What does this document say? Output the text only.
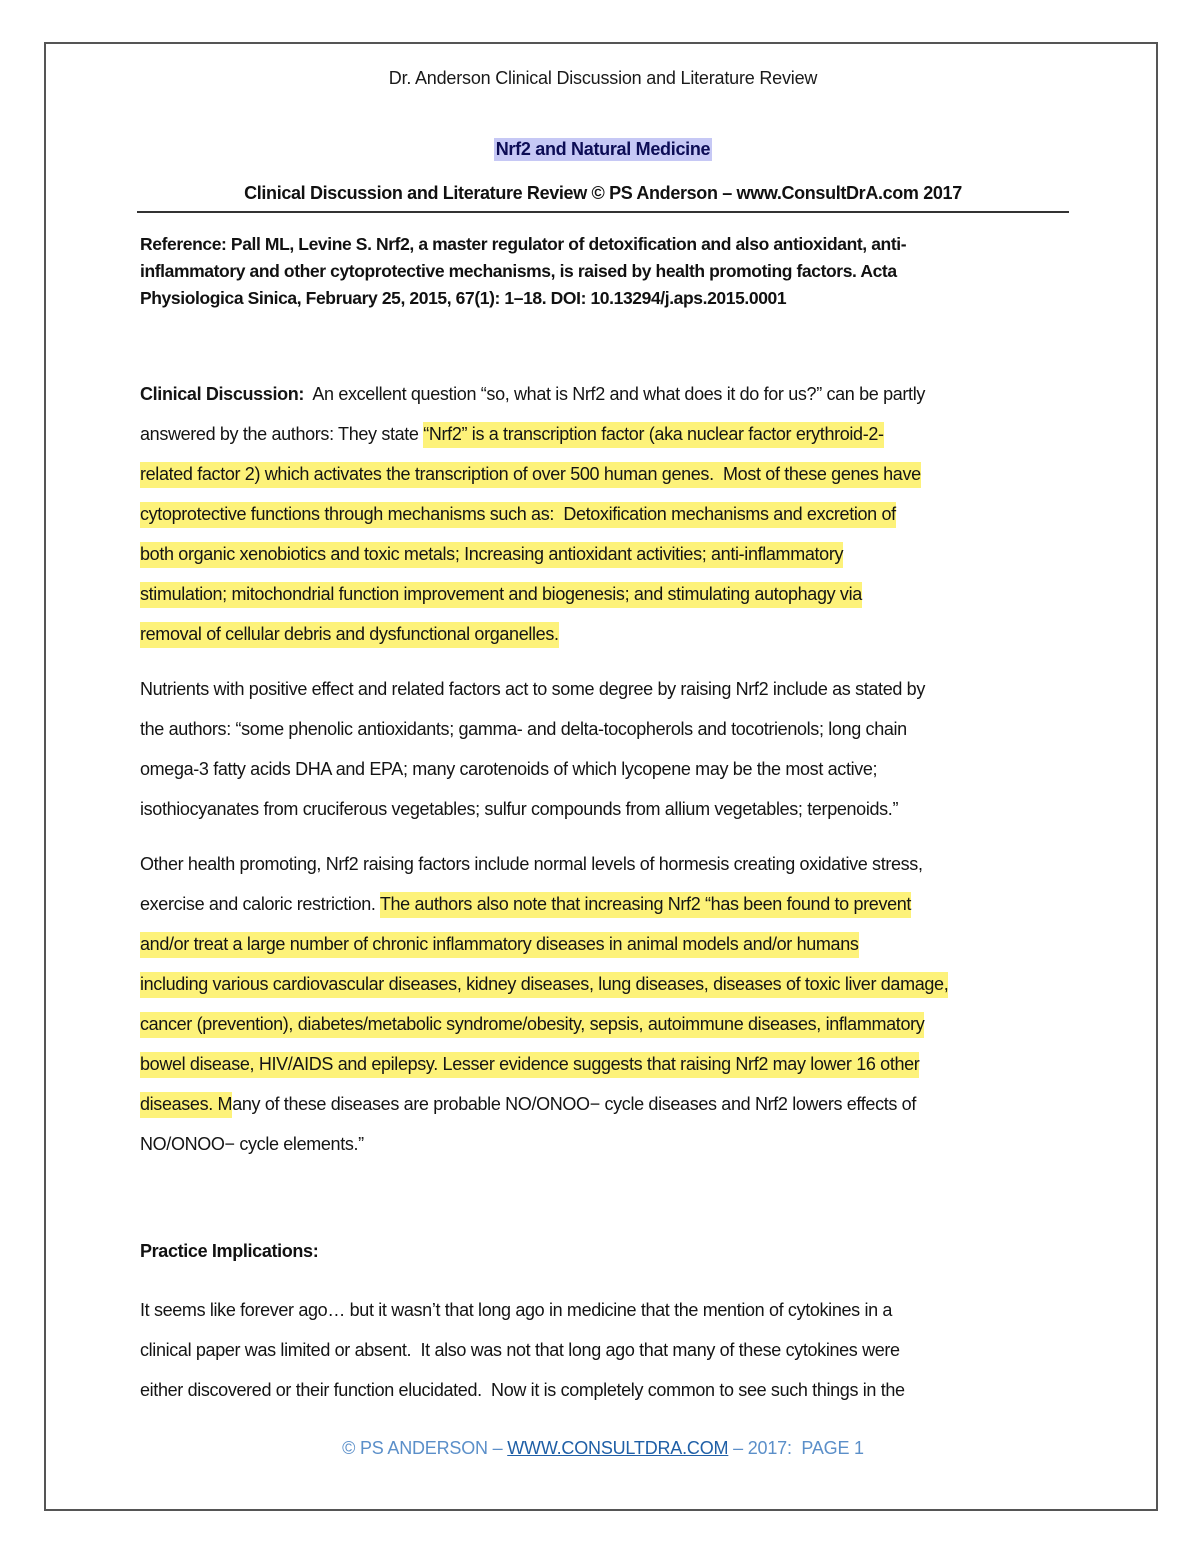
Dr. Anderson Clinical Discussion and Literature Review
Nrf2 and Natural Medicine
Clinical Discussion and Literature Review © PS Anderson – www.ConsultDrA.com 2017
Reference: Pall ML, Levine S. Nrf2, a master regulator of detoxification and also antioxidant, anti-
inflammatory and other cytoprotective mechanisms, is raised by health promoting factors. Acta
Physiologica Sinica, February 25, 2015, 67(1): 1–18. DOI: 10.13294/j.aps.2015.0001
Clinical Discussion:  An excellent question “so, what is Nrf2 and what does it do for us?” can be partly
answered by the authors: They state “Nrf2” is a transcription factor (aka nuclear factor erythroid-2-
related factor 2) which activates the transcription of over 500 human genes.  Most of these genes have
cytoprotective functions through mechanisms such as:  Detoxification mechanisms and excretion of
both organic xenobiotics and toxic metals; Increasing antioxidant activities; anti-inflammatory
stimulation; mitochondrial function improvement and biogenesis; and stimulating autophagy via
removal of cellular debris and dysfunctional organelles.
Nutrients with positive effect and related factors act to some degree by raising Nrf2 include as stated by
the authors: “some phenolic antioxidants; gamma- and delta-tocopherols and tocotrienols; long chain
omega-3 fatty acids DHA and EPA; many carotenoids of which lycopene may be the most active;
isothiocyanates from cruciferous vegetables; sulfur compounds from allium vegetables; terpenoids.”
Other health promoting, Nrf2 raising factors include normal levels of hormesis creating oxidative stress,
exercise and caloric restriction. The authors also note that increasing Nrf2 “has been found to prevent
and/or treat a large number of chronic inflammatory diseases in animal models and/or humans
including various cardiovascular diseases, kidney diseases, lung diseases, diseases of toxic liver damage,
cancer (prevention), diabetes/metabolic syndrome/obesity, sepsis, autoimmune diseases, inflammatory
bowel disease, HIV/AIDS and epilepsy. Lesser evidence suggests that raising Nrf2 may lower 16 other
diseases. Many of these diseases are probable NO/ONOO− cycle diseases and Nrf2 lowers effects of
NO/ONOO− cycle elements.”
Practice Implications:
It seems like forever ago… but it wasn’t that long ago in medicine that the mention of cytokines in a
clinical paper was limited or absent.  It also was not that long ago that many of these cytokines were
either discovered or their function elucidated.  Now it is completely common to see such things in the
© PS ANDERSON – WWW.CONSULTDRA.COM – 2017:  PAGE 1
